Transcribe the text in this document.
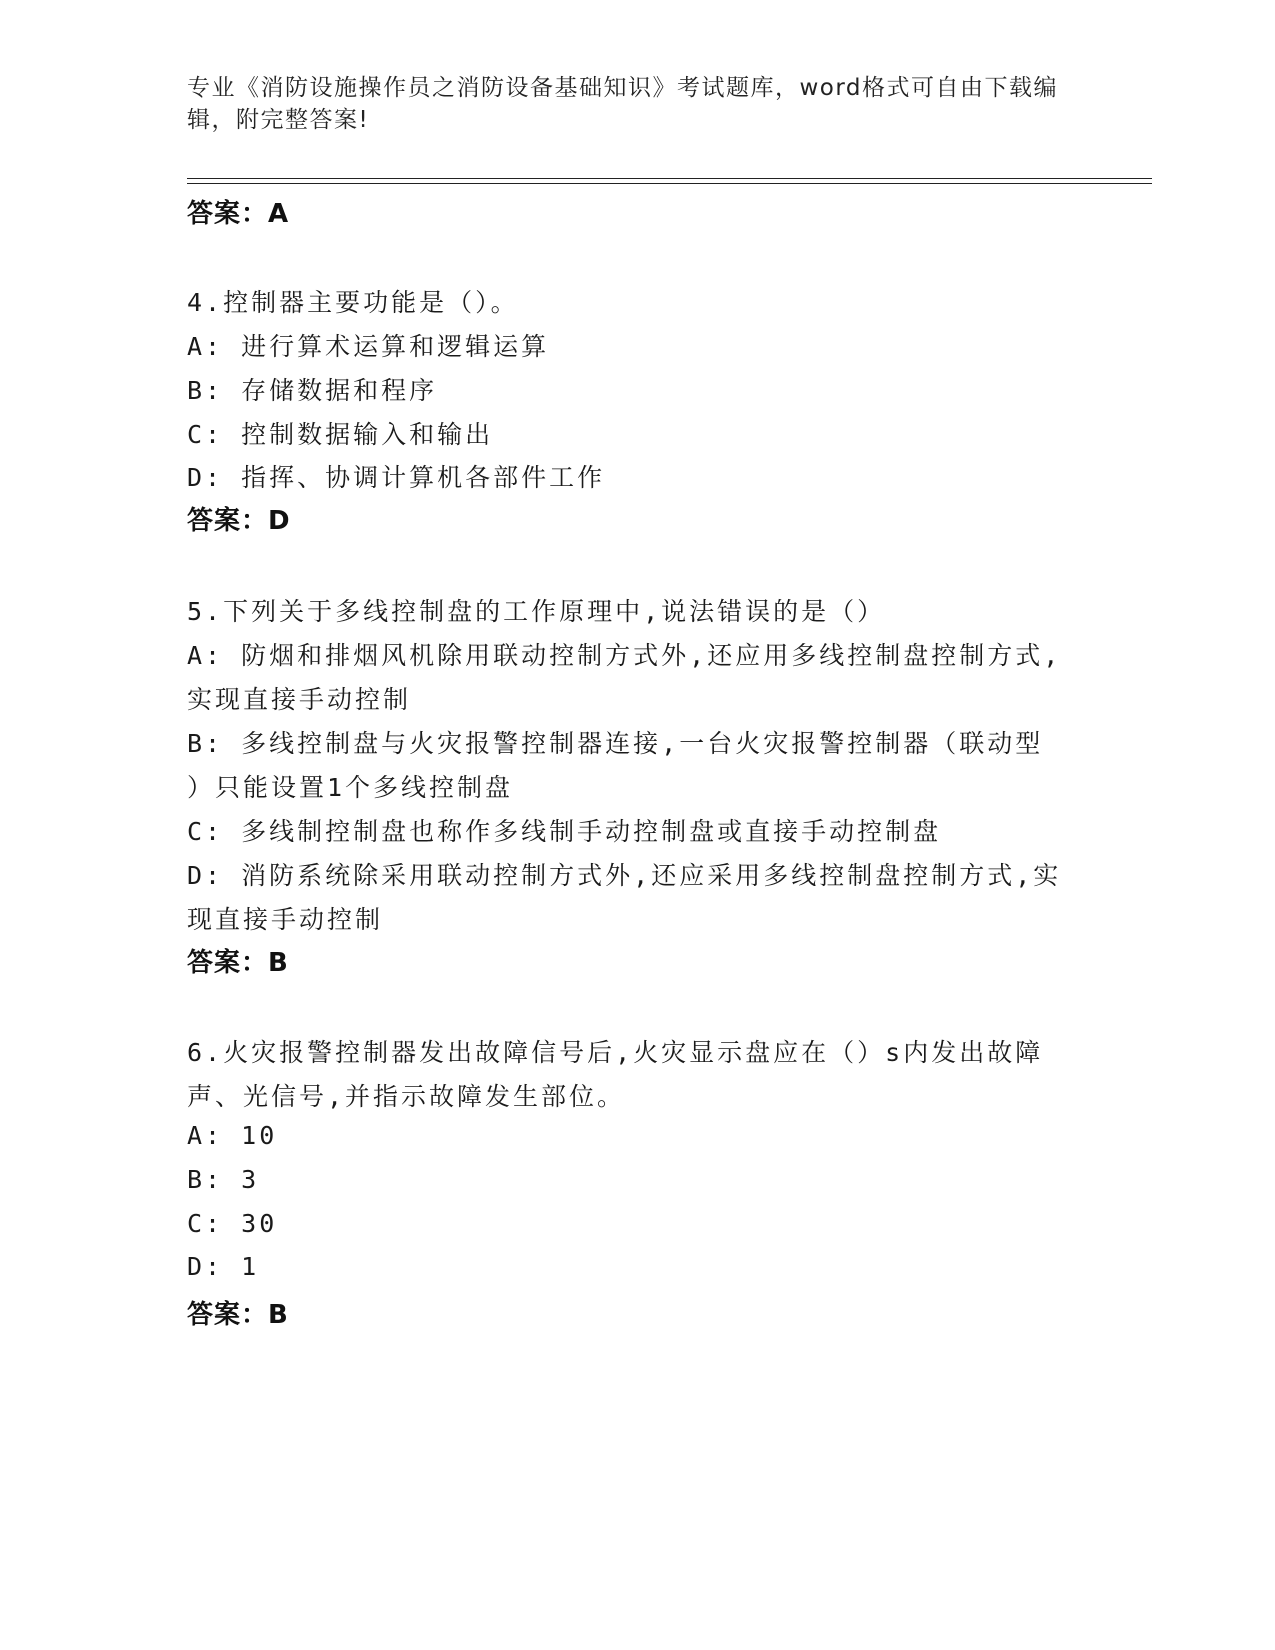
专业《消防设施操作员之消防设备基础知识》考试题库，word格式可自由下载编
辑，附完整答案!
答案：A
4.控制器主要功能是（）。
A: 进行算术运算和逻辑运算
B: 存储数据和程序
C: 控制数据输入和输出
D: 指挥、协调计算机各部件工作
答案：D
5.下列关于多线控制盘的工作原理中,说法错误的是（）
A: 防烟和排烟风机除用联动控制方式外,还应用多线控制盘控制方式,
实现直接手动控制
B: 多线控制盘与火灾报警控制器连接,一台火灾报警控制器（联动型
）只能设置1个多线控制盘
C: 多线制控制盘也称作多线制手动控制盘或直接手动控制盘
D: 消防系统除采用联动控制方式外,还应采用多线控制盘控制方式,实
现直接手动控制
答案：B
6.火灾报警控制器发出故障信号后,火灾显示盘应在（）s内发出故障
声、光信号,并指示故障发生部位。
A: 10
B: 3
C: 30
D: 1
答案：B
